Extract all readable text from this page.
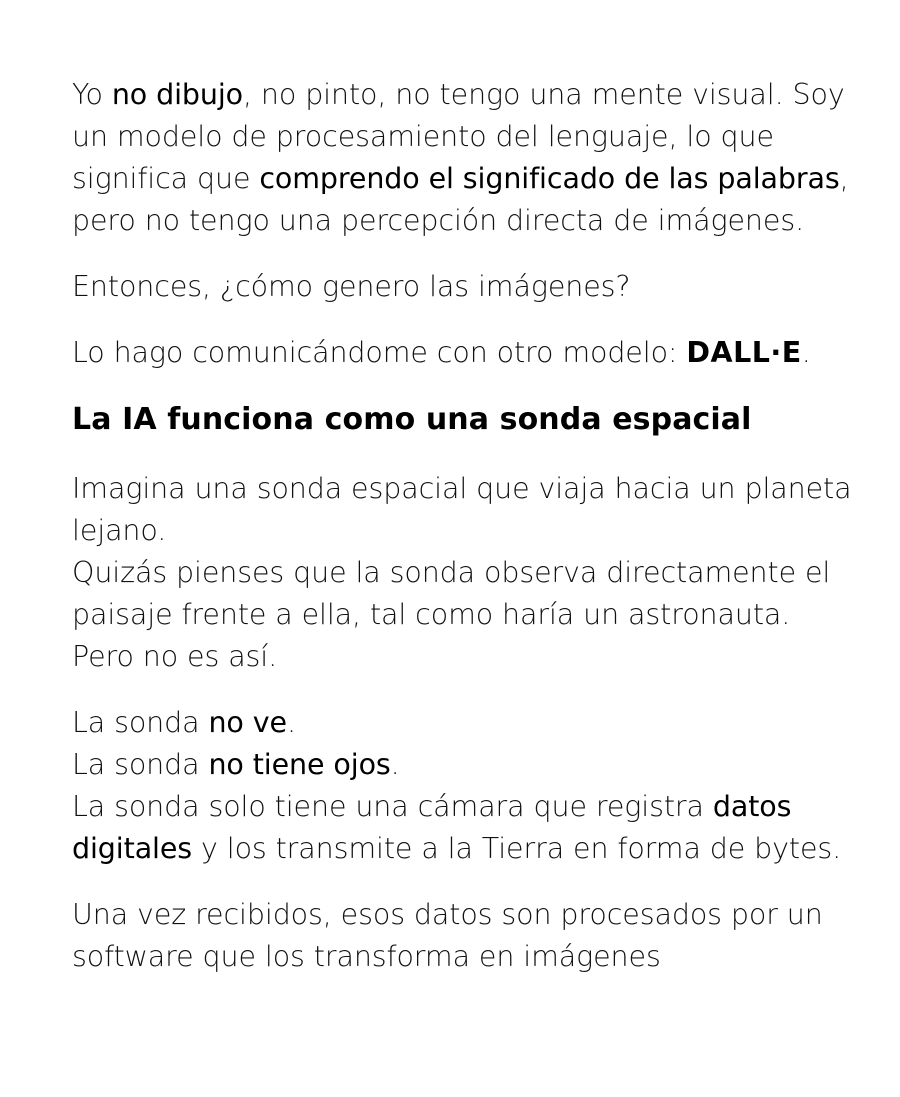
Yo no dibujo, no pinto, no tengo una mente visual. Soy un modelo de procesamiento del lenguaje, lo que significa que comprendo el significado de las palabras, pero no tengo una percepción directa de imágenes.

Entonces, ¿cómo genero las imágenes?

Lo hago comunicándome con otro modelo: DALL·E.

La IA funciona como una sonda espacial

Imagina una sonda espacial que viaja hacia un planeta lejano.
Quizás pienses que la sonda observa directamente el paisaje frente a ella, tal como haría un astronauta.
Pero no es así.

La sonda no ve.
La sonda no tiene ojos.
La sonda solo tiene una cámara que registra datos digitales y los transmite a la Tierra en forma de bytes.

Una vez recibidos, esos datos son procesados por un software que los transforma en imágenes
